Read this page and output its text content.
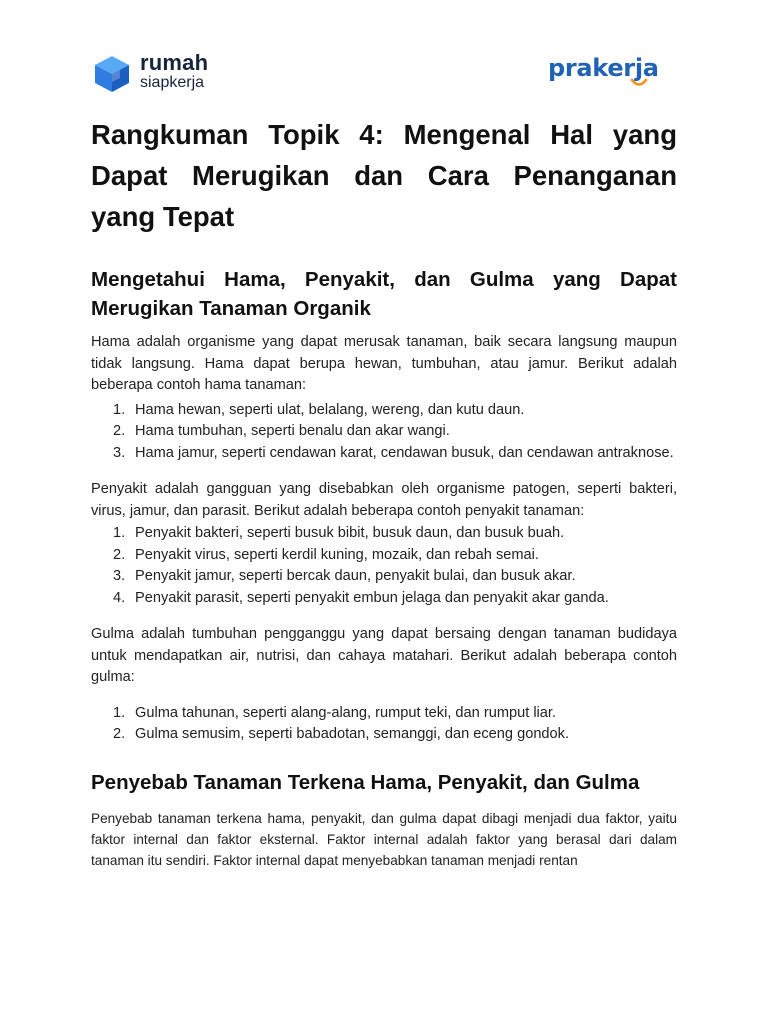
rumah
siapkerja
prakerja
Rangkuman Topik 4: Mengenal Hal yang Dapat Merugikan dan Cara Penanganan yang Tepat
Mengetahui Hama, Penyakit, dan Gulma yang Dapat Merugikan Tanaman Organik

Hama adalah organisme yang dapat merusak tanaman, baik secara langsung maupun tidak langsung. Hama dapat berupa hewan, tumbuhan, atau jamur. Berikut adalah beberapa contoh hama tanaman:

Hama hewan, seperti ulat, belalang, wereng, dan kutu daun.
Hama tumbuhan, seperti benalu dan akar wangi.
Hama jamur, seperti cendawan karat, cendawan busuk, dan cendawan antraknose.

Penyakit adalah gangguan yang disebabkan oleh organisme patogen, seperti bakteri, virus, jamur, dan parasit. Berikut adalah beberapa contoh penyakit tanaman:

Penyakit bakteri, seperti busuk bibit, busuk daun, dan busuk buah.
Penyakit virus, seperti kerdil kuning, mozaik, dan rebah semai.
Penyakit jamur, seperti bercak daun, penyakit bulai, dan busuk akar.
Penyakit parasit, seperti penyakit embun jelaga dan penyakit akar ganda.

Gulma adalah tumbuhan pengganggu yang dapat bersaing dengan tanaman budidaya untuk mendapatkan air, nutrisi, dan cahaya matahari. Berikut adalah beberapa contoh gulma:

Gulma tahunan, seperti alang-alang, rumput teki, dan rumput liar.
Gulma semusim, seperti babadotan, semanggi, dan eceng gondok.
Penyebab Tanaman Terkena Hama, Penyakit, dan Gulma

Penyebab tanaman terkena hama, penyakit, dan gulma dapat dibagi menjadi dua faktor, yaitu faktor internal dan faktor eksternal. Faktor internal adalah faktor yang berasal dari dalam tanaman itu sendiri. Faktor internal dapat menyebabkan tanaman menjadi rentan
